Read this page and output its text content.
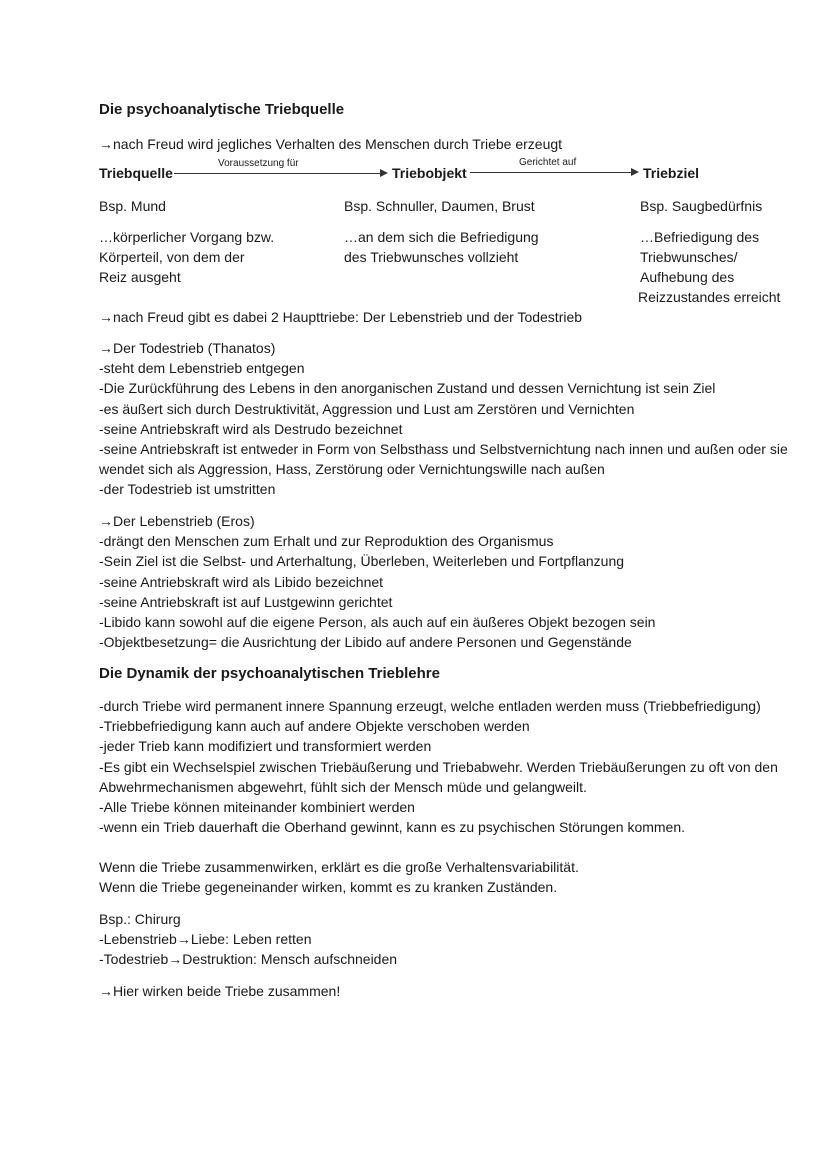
Die psychoanalytische Triebquelle
→nach Freud wird jegliches Verhalten des Menschen durch Triebe erzeugt
Triebquelle
Voraussetzung für
Triebobjekt
Gerichtet auf
Triebziel
Bsp. Mund	Bsp. Schnuller, Daumen, Brust	Bsp. Saugbedürfnis
…körperlicher Vorgang bzw.
Körperteil, von dem der
Reiz ausgeht
…an dem sich die Befriedigung
des Triebwunsches vollzieht
…Befriedigung des
Triebwunsches/
Aufhebung des
Reizzustandes erreicht
→nach Freud gibt es dabei 2 Haupttriebe: Der Lebenstrieb und der Todestrieb
→Der Todestrieb (Thanatos)
-steht dem Lebenstrieb entgegen
-Die Zurückführung des Lebens in den anorganischen Zustand und dessen Vernichtung ist sein Ziel
-es äußert sich durch Destruktivität, Aggression und Lust am Zerstören und Vernichten
-seine Antriebskraft wird als Destrudo bezeichnet
-seine Antriebskraft ist entweder in Form von Selbsthass und Selbstvernichtung nach innen und außen oder sie
wendet sich als Aggression, Hass, Zerstörung oder Vernichtungswille nach außen
-der Todestrieb ist umstritten
→Der Lebenstrieb (Eros)
-drängt den Menschen zum Erhalt und zur Reproduktion des Organismus
-Sein Ziel ist die Selbst- und Arterhaltung, Überleben, Weiterleben und Fortpflanzung
-seine Antriebskraft wird als Libido bezeichnet
-seine Antriebskraft ist auf Lustgewinn gerichtet
-Libido kann sowohl auf die eigene Person, als auch auf ein äußeres Objekt bezogen sein
-Objektbesetzung= die Ausrichtung der Libido auf andere Personen und Gegenstände
Die Dynamik der psychoanalytischen Trieblehre
-durch Triebe wird permanent innere Spannung erzeugt, welche entladen werden muss (Triebbefriedigung)
-Triebbefriedigung kann auch auf andere Objekte verschoben werden
-jeder Trieb kann modifiziert und transformiert werden
-Es gibt ein Wechselspiel zwischen Triebäußerung und Triebabwehr. Werden Triebäußerungen zu oft von den
Abwehrmechanismen abgewehrt, fühlt sich der Mensch müde und gelangweilt.
-Alle Triebe können miteinander kombiniert werden
-wenn ein Trieb dauerhaft die Oberhand gewinnt, kann es zu psychischen Störungen kommen.
Wenn die Triebe zusammenwirken, erklärt es die große Verhaltensvariabilität.
Wenn die Triebe gegeneinander wirken, kommt es zu kranken Zuständen.
Bsp.: Chirurg
-Lebenstrieb→Liebe: Leben retten
-Todestrieb→Destruktion: Mensch aufschneiden
→Hier wirken beide Triebe zusammen!
